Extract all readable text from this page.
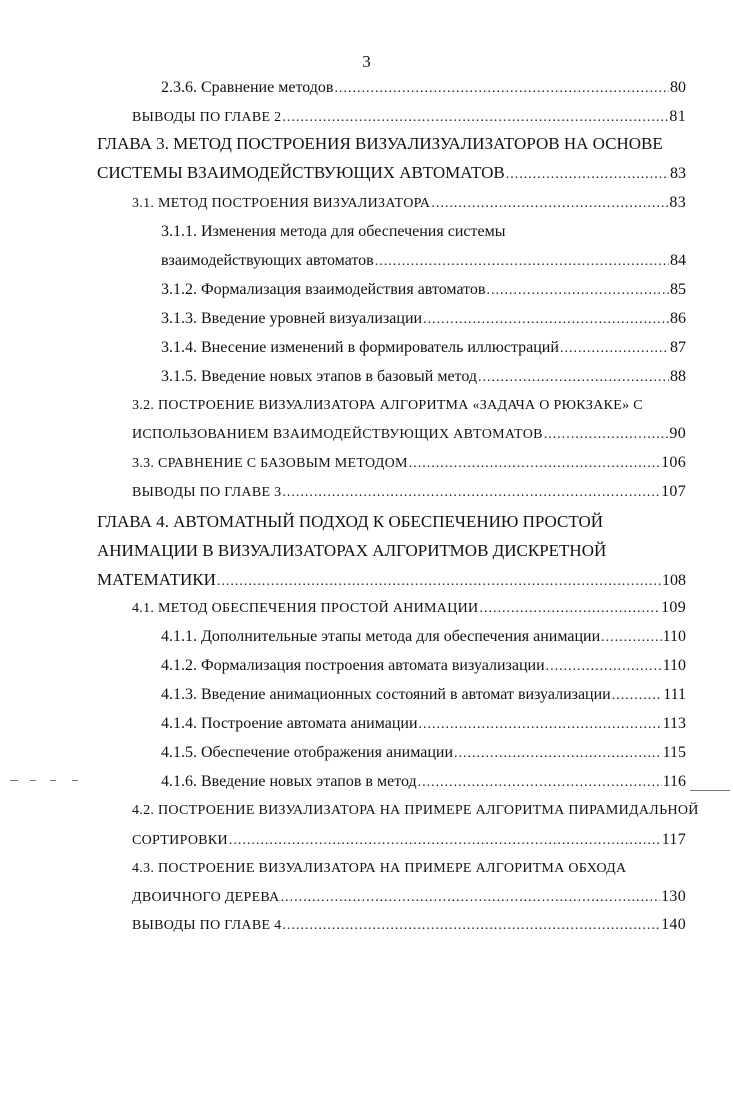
3
2.3.6. Сравнение методов .....	80
ВЫВОДЫ ПО ГЛАВЕ 2 .....	81
ГЛАВА 3. МЕТОД ПОСТРОЕНИЯ ВИЗУАЛИЗУАЛИЗАТОРОВ НА ОСНОВЕ
СИСТЕМЫ ВЗАИМОДЕЙСТВУЮЩИХ АВТОМАТОВ .....	83
3.1. МЕТОД ПОСТРОЕНИЯ ВИЗУАЛИЗАТОРА .....	83
3.1.1. Изменения метода для обеспечения системы
взаимодействующих автоматов .....	84
3.1.2. Формализация взаимодействия автоматов .....	85
3.1.3. Введение уровней визуализации .....	86
3.1.4. Внесение изменений в формирователь иллюстраций .....	87
3.1.5. Введение новых этапов в базовый метод .....	88
3.2. ПОСТРОЕНИЕ ВИЗУАЛИЗАТОРА АЛГОРИТМА «ЗАДАЧА О РЮКЗАКЕ» С
ИСПОЛЬЗОВАНИЕМ ВЗАИМОДЕЙСТВУЮЩИХ АВТОМАТОВ .....	90
3.3. СРАВНЕНИЕ С БАЗОВЫМ МЕТОДОМ .....	106
ВЫВОДЫ ПО ГЛАВЕ 3 .....	107
ГЛАВА 4. АВТОМАТНЫЙ ПОДХОД К ОБЕСПЕЧЕНИЮ ПРОСТОЙ
АНИМАЦИИ В ВИЗУАЛИЗАТОРАХ АЛГОРИТМОВ ДИСКРЕТНОЙ
МАТЕМАТИКИ .....	108
4.1. МЕТОД ОБЕСПЕЧЕНИЯ ПРОСТОЙ АНИМАЦИИ .....	109
4.1.1. Дополнительные этапы метода для обеспечения анимации .....	110
4.1.2. Формализация построения автомата визуализации .....	110
4.1.3. Введение анимационных состояний в автомат визуализации .....	111
4.1.4. Построение автомата анимации .....	113
4.1.5. Обеспечение отображения анимации .....	115
4.1.6. Введение новых этапов в метод .....	116
4.2. ПОСТРОЕНИЕ ВИЗУАЛИЗАТОРА НА ПРИМЕРЕ АЛГОРИТМА ПИРАМИДАЛЬНОЙ
СОРТИРОВКИ .....	117
4.3. ПОСТРОЕНИЕ ВИЗУАЛИЗАТОРА НА ПРИМЕРЕ АЛГОРИТМА ОБХОДА
ДВОИЧНОГО ДЕРЕВА .....	130
ВЫВОДЫ ПО ГЛАВЕ 4 .....	140
